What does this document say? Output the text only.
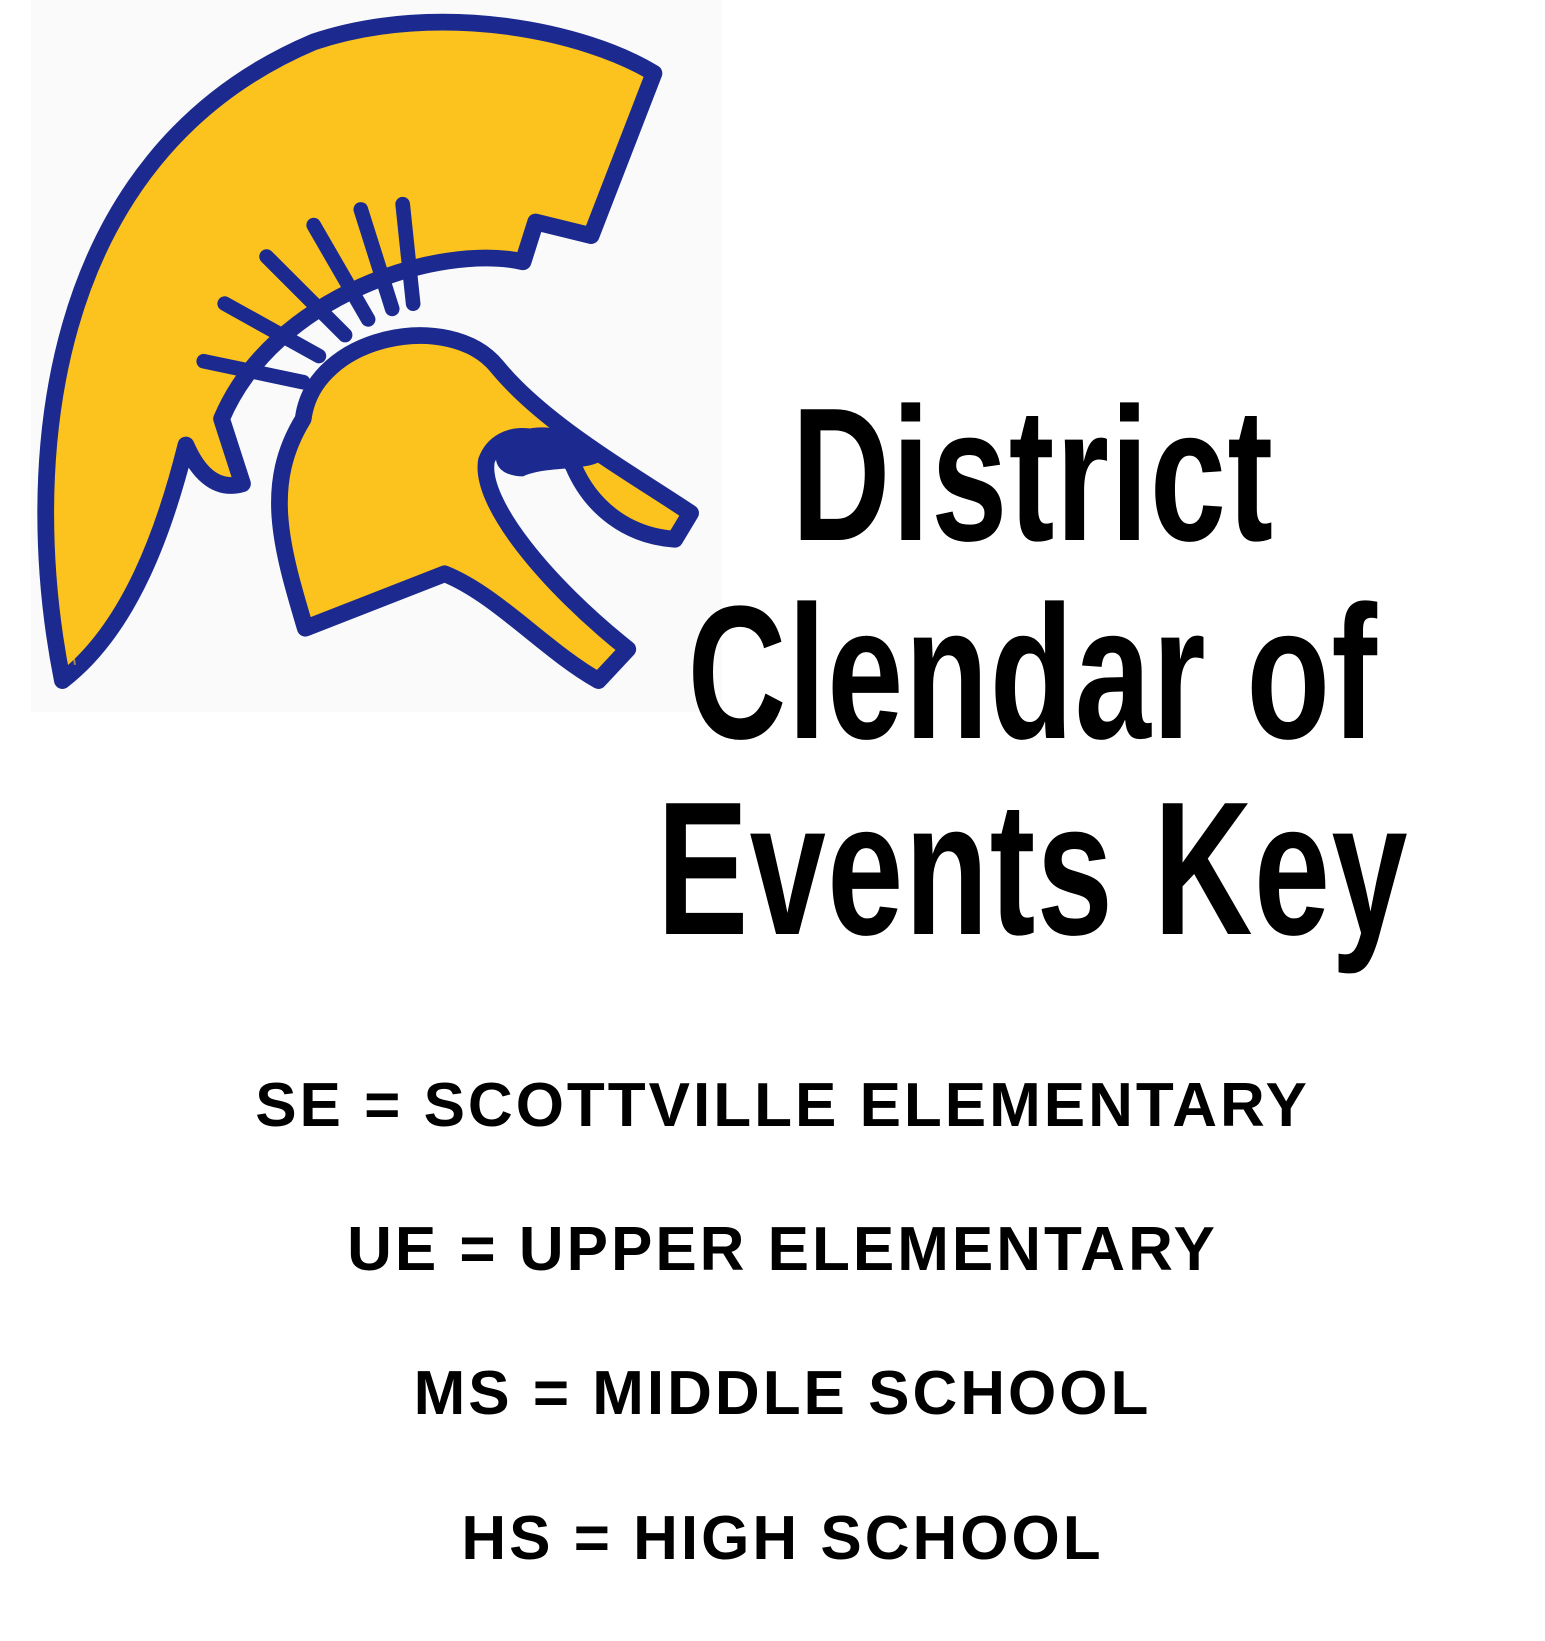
District
Clendar of
Events Key
SE = SCOTTVILLE ELEMENTARY
UE = UPPER ELEMENTARY
MS = MIDDLE SCHOOL
HS = HIGH SCHOOL
